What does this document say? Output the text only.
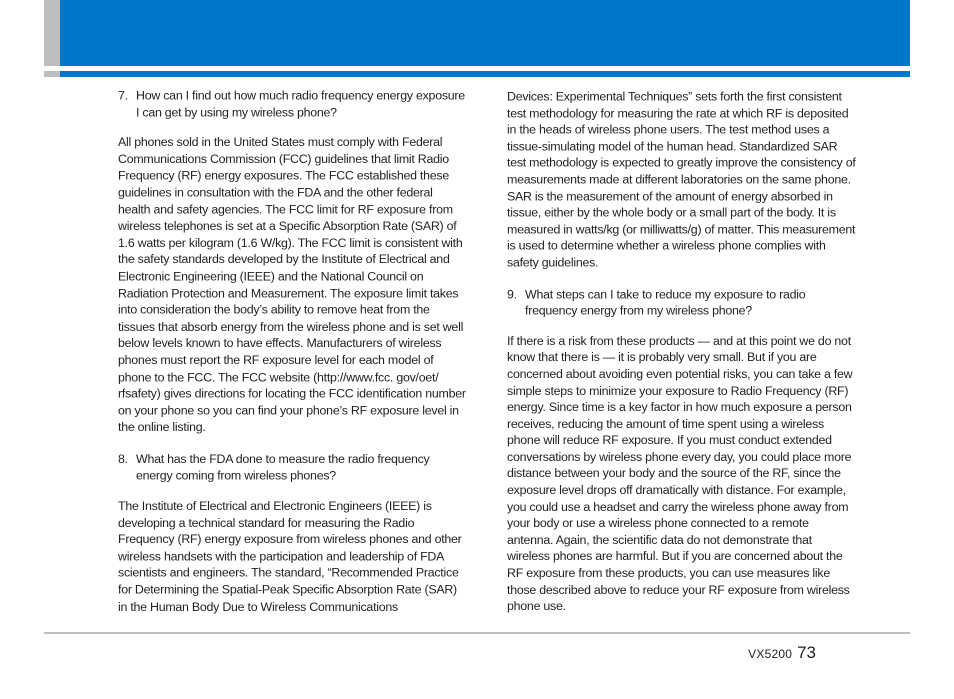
7. How can I find out how much radio frequency energy exposure I can get by using my wireless phone?

All phones sold in the United States must comply with Federal Communications Commission (FCC) guidelines that limit Radio Frequency (RF) energy exposures. The FCC established these guidelines in consultation with the FDA and the other federal health and safety agencies. The FCC limit for RF exposure from wireless telephones is set at a Specific Absorption Rate (SAR) of 1.6 watts per kilogram (1.6 W/kg). The FCC limit is consistent with the safety standards developed by the Institute of Electrical and Electronic Engineering (IEEE) and the National Council on Radiation Protection and Measurement. The exposure limit takes into consideration the body’s ability to remove heat from the tissues that absorb energy from the wireless phone and is set well below levels known to have effects. Manufacturers of wireless phones must report the RF exposure level for each model of phone to the FCC. The FCC website (http://www.fcc. gov/oet/ rfsafety) gives directions for locating the FCC identification number on your phone so you can find your phone’s RF exposure level in the online listing.

8. What has the FDA done to measure the radio frequency energy coming from wireless phones?

The Institute of Electrical and Electronic Engineers (IEEE) is developing a technical standard for measuring the Radio Frequency (RF) energy exposure from wireless phones and other wireless handsets with the participation and leadership of FDA scientists and engineers. The standard, “Recommended Practice for Determining the Spatial-Peak Specific Absorption Rate (SAR) in the Human Body Due to Wireless Communications

Devices: Experimental Techniques” sets forth the first consistent test methodology for measuring the rate at which RF is deposited in the heads of wireless phone users. The test method uses a tissue-simulating model of the human head. Standardized SAR test methodology is expected to greatly improve the consistency of measurements made at different laboratories on the same phone. SAR is the measurement of the amount of energy absorbed in tissue, either by the whole body or a small part of the body. It is measured in watts/kg (or milliwatts/g) of matter. This measurement is used to determine whether a wireless phone complies with safety guidelines.

9. What steps can I take to reduce my exposure to radio frequency energy from my wireless phone?

If there is a risk from these products — and at this point we do not know that there is — it is probably very small. But if you are concerned about avoiding even potential risks, you can take a few simple steps to minimize your exposure to Radio Frequency (RF) energy. Since time is a key factor in how much exposure a person receives, reducing the amount of time spent using a wireless phone will reduce RF exposure. If you must conduct extended conversations by wireless phone every day, you could place more distance between your body and the source of the RF, since the exposure level drops off dramatically with distance. For example, you could use a headset and carry the wireless phone away from your body or use a wireless phone connected to a remote antenna. Again, the scientific data do not demonstrate that wireless phones are harmful. But if you are concerned about the RF exposure from these products, you can use measures like those described above to reduce your RF exposure from wireless phone use.

VX5200 73
